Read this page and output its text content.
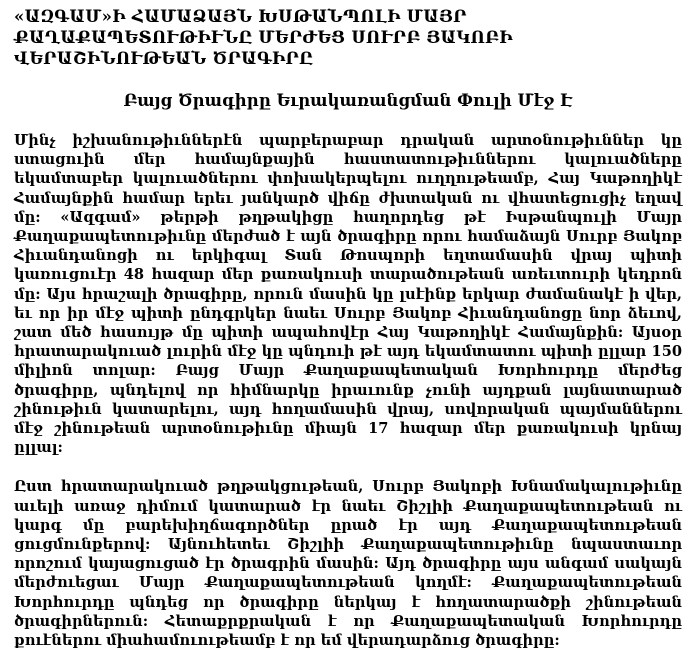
«ԱԶԳԱՄ»Ի ՀԱՄԱՁԱՅՆ ԽՍԹԱՆՊՈԼԻ ՄԱՅՐ ՔԱՂԱՔԱՊԵՏՈՒԹԻՒՆԸ ՄԵՐԺԵՑ ՍՈՒՐԲ ՅԱԿՈԲԻ ՎԵՐԱՇԻՆՈՒԹԵԱՆ ԾՐԱԳԻՐԸ

Բայց Ծրագիրը Եւրակառանցման Փուլի Մէջ Է

Մինչ իշխանութիւններէն պարբերաբար դրական արտօնութիւններ կը ստացուին մեր համայնքային հաստատութիւններու կալուածները եկամտաբեր կալուածներու փոխակերպելու ուղղութեամբ, Հայ Կաթողիկէ Համայնքին համար երեւ յանկարծ վիճը ժխտական ու վհատեցուցիչ եղավ մը: «Ազգամ» թերթի թղթակիցը հաղորդեց թէ Իսթանպուլի Մայր Քաղաքապետութիւնը մերժած է այն ծրագիրը որու համաձայն Սուրբ Յակոբ Հիւանդանոցի ու երկիգալ Տան Թոսպորի եղտամասին վրայ պիտի կառուցուէր 48 հազար մեր քառակուսի տարածութեան առեւտուրի կեդրոն մը: Այս հրաշալի ծրագիրը, որուն մասին կը լսէինք երկար ժամանակէ ի վեր, եւ որ իր մէջ պիտի ընդգրկեր նաեւ Սուրբ Յակոբ Հիւանդանոցը նոր ձեւով, շատ մեծ հասույթ մը պիտի ապահովէր Հայ Կաթողիկէ Համայնքին: Այսօր հրատարակուած լուրին մէջ կը պնդուի թէ այդ եկամտատու պիտի ըլլար 150 միլիոն տոլար: Բայց Մայր Քաղաքապետական Խորհուրդը մերժեց ծրագիրը, պնդելով որ հիմնարկը իրաւունք չունի այդքան լայնատարած շինութիւն կատարելու, այդ հողամասին վրայ, սովորական պայմաններու մէջ շինութեան արտօնութիւնը միայն 17 հազար մեր քառակուսի կրնայ ըլլալ:

Ըստ հրատարակուած թղթակցութեան, Սուրբ Յակոբի Խնամակալութիւնը աւելի առաջ դիմում կատարած էր նաեւ Շիշլիի Քաղաքապետութեան ու կարգ մը բարեխիղճագործներ ըրած էր այդ Քաղաքապետութեան ցուցմունքերով: Այնուհետեւ Շիշլիի Քաղաքապետութիւնը նպաստաւոր որոշում կայացուցած էր ծրագրին մասին: Այդ ծրագիրը այս անգամ սակայն մերժուեցաւ Մայր Քաղաքապետութեան կողմէ: Քաղաքապետութեան Խորհուրդը պնդեց որ ծրագիրը ներկայ է հողատարածքի շինութեան ծրագիրներուն: Հետաքրքրական է որ Քաղաքապետական Խորհուրդը քուէներու միահամուութեամբ է որ եմ վերադարձուց ծրագիրը:
